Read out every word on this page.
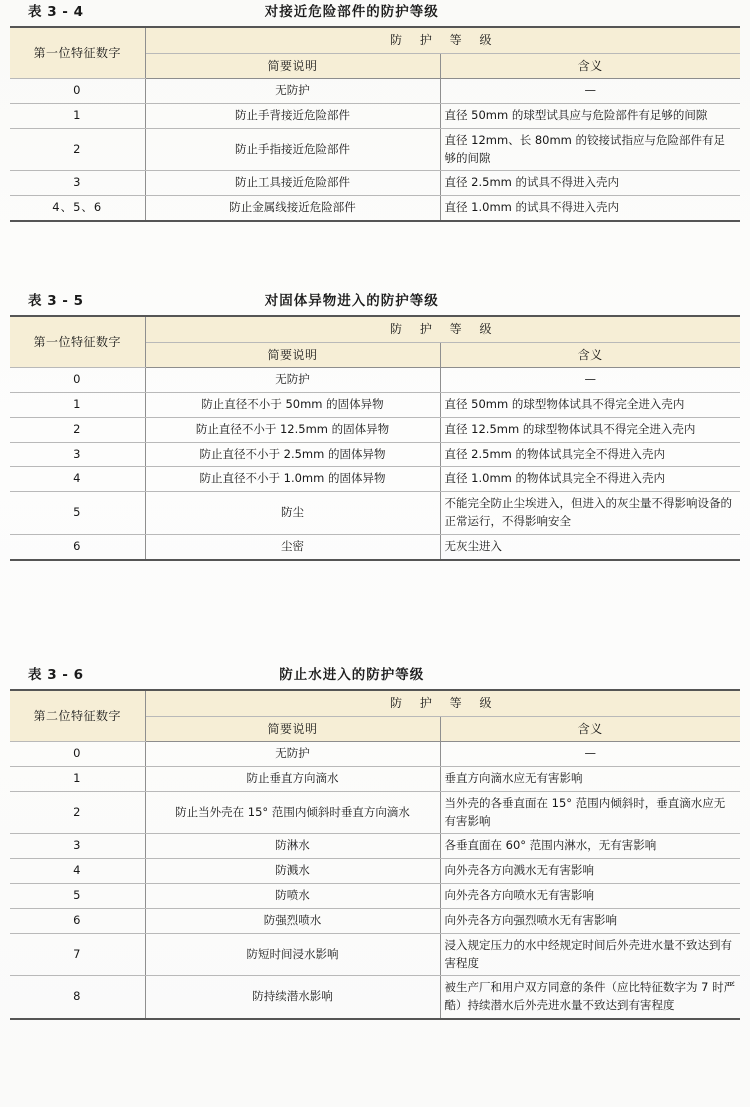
表 3 - 4	对接近危险部件的防护等级
第一位特征数字	防 护 等 级	
	简要说明	含义
0	无防护	—
1	防止手背接近危险部件	直径 50mm 的球型试具应与危险部件有足够的间隙
2	防止手指接近危险部件	直径 12mm、长 80mm 的铰接试指应与危险部件有足够的间隙
3	防止工具接近危险部件	直径 2.5mm 的试具不得进入壳内
4、5、6	防止金属线接近危险部件	直径 1.0mm 的试具不得进入壳内
表 3 - 5	对固体异物进入的防护等级
第一位特征数字	防 护 等 级	
	简要说明	含义
0	无防护	—
1	防止直径不小于 50mm 的固体异物	直径 50mm 的球型物体试具不得完全进入壳内
2	防止直径不小于 12.5mm 的固体异物	直径 12.5mm 的球型物体试具不得完全进入壳内
3	防止直径不小于 2.5mm 的固体异物	直径 2.5mm 的物体试具完全不得进入壳内
4	防止直径不小于 1.0mm 的固体异物	直径 1.0mm 的物体试具完全不得进入壳内
5	防尘	不能完全防止尘埃进入，但进入的灰尘量不得影响设备的正常运行，不得影响安全
6	尘密	无灰尘进入
表 3 - 6	防止水进入的防护等级
第二位特征数字	防 护 等 级	
	简要说明	含义
0	无防护	—
1	防止垂直方向滴水	垂直方向滴水应无有害影响
2	防止当外壳在 15° 范围内倾斜时垂直方向滴水	当外壳的各垂直面在 15° 范围内倾斜时，垂直滴水应无有害影响
3	防淋水	各垂直面在 60° 范围内淋水，无有害影响
4	防溅水	向外壳各方向溅水无有害影响
5	防喷水	向外壳各方向喷水无有害影响
6	防强烈喷水	向外壳各方向强烈喷水无有害影响
7	防短时间浸水影响	浸入规定压力的水中经规定时间后外壳进水量不致达到有害程度
8	防持续潜水影响	被生产厂和用户双方同意的条件（应比特征数字为 7 时严酷）持续潜水后外壳进水量不致达到有害程度
